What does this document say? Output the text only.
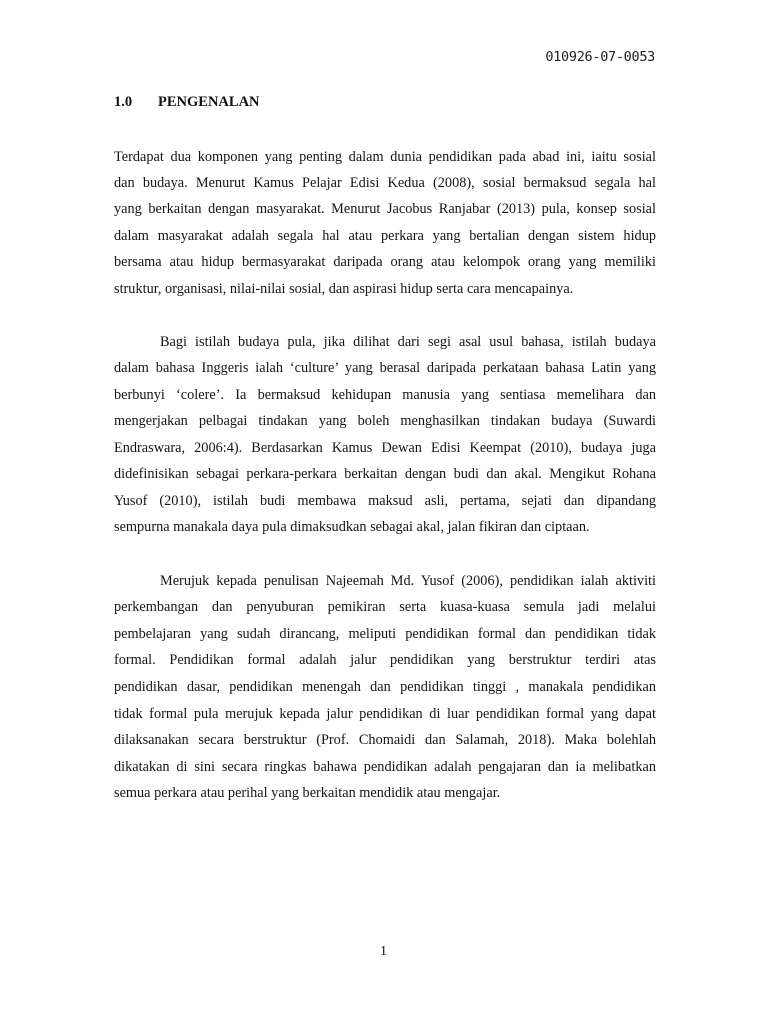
010926-07-0053
1.0 PENGENALAN
Terdapat dua komponen yang penting dalam dunia pendidikan pada abad ini, iaitu sosial
dan budaya. Menurut Kamus Pelajar Edisi Kedua (2008), sosial bermaksud segala hal
yang berkaitan dengan masyarakat. Menurut Jacobus Ranjabar (2013) pula, konsep sosial
dalam masyarakat adalah segala hal atau perkara yang bertalian dengan sistem hidup
bersama atau hidup bermasyarakat daripada orang atau kelompok orang yang memiliki
struktur, organisasi, nilai-nilai sosial, dan aspirasi hidup serta cara mencapainya.
Bagi istilah budaya pula, jika dilihat dari segi asal usul bahasa, istilah budaya
dalam bahasa Inggeris ialah ‘culture’ yang berasal daripada perkataan bahasa Latin yang
berbunyi ‘colere’. Ia bermaksud kehidupan manusia yang sentiasa memelihara dan
mengerjakan pelbagai tindakan yang boleh menghasilkan tindakan budaya (Suwardi
Endraswara, 2006:4). Berdasarkan Kamus Dewan Edisi Keempat (2010), budaya juga
didefinisikan sebagai perkara-perkara berkaitan dengan budi dan akal. Mengikut Rohana
Yusof (2010), istilah budi membawa maksud asli, pertama, sejati dan dipandang
sempurna manakala daya pula dimaksudkan sebagai akal, jalan fikiran dan ciptaan.
Merujuk kepada penulisan Najeemah Md. Yusof (2006), pendidikan ialah aktiviti
perkembangan dan penyuburan pemikiran serta kuasa-kuasa semula jadi melalui
pembelajaran yang sudah dirancang, meliputi pendidikan formal dan pendidikan tidak
formal. Pendidikan formal adalah jalur pendidikan yang berstruktur terdiri atas
pendidikan dasar, pendidikan menengah dan pendidikan tinggi , manakala pendidikan
tidak formal pula merujuk kepada jalur pendidikan di luar pendidikan formal yang dapat
dilaksanakan secara berstruktur (Prof. Chomaidi dan Salamah, 2018). Maka bolehlah
dikatakan di sini secara ringkas bahawa pendidikan adalah pengajaran dan ia melibatkan
semua perkara atau perihal yang berkaitan mendidik atau mengajar.
1
